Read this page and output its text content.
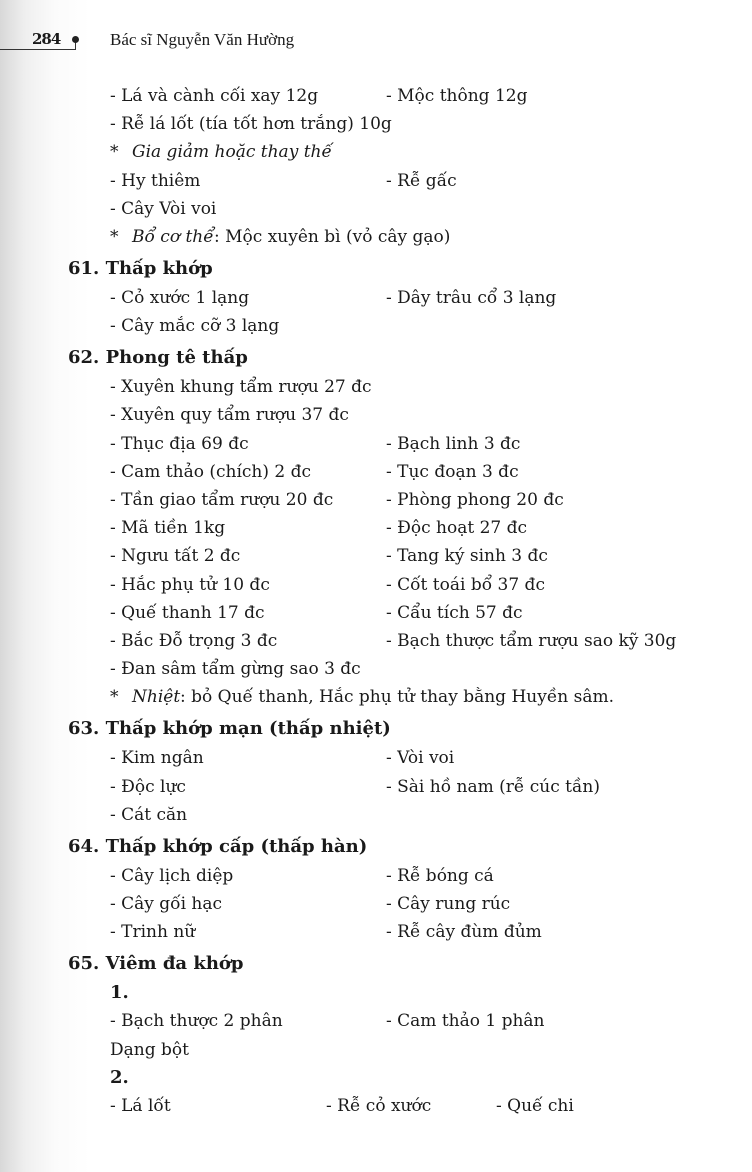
284	Bác sĩ Nguyễn Văn Hường
- Lá và cành cối xay 12g	- Mộc thông 12g
- Rễ lá lốt (tía tốt hơn trắng) 10g
* Gia giảm hoặc thay thế
- Hy thiêm	- Rễ gấc
- Cây Vòi voi
* Bổ cơ thể : Mộc xuyên bì (vỏ cây gạo)
61. Thấp khớp
- Cỏ xước 1 lạng	- Dây trâu cổ 3 lạng
- Cây mắc cỡ 3 lạng
62. Phong tê thấp
- Xuyên khung tẩm rượu 27 đc
- Xuyên quy tẩm rượu 37 đc
- Thục địa 69 đc	- Bạch linh 3 đc
- Cam thảo (chích) 2 đc	- Tục đoạn 3 đc
- Tần giao tẩm rượu 20 đc	- Phòng phong 20 đc
- Mã tiền 1kg	- Độc hoạt 27 đc
- Ngưu tất 2 đc	- Tang ký sinh 3 đc
- Hắc phụ tử 10 đc	- Cốt toái bổ 37 đc
- Quế thanh 17 đc	- Cẩu tích 57 đc
- Bắc Đỗ trọng 3 đc	- Bạch thược tẩm rượu sao kỹ 30g
- Đan sâm tẩm gừng sao 3 đc
* Nhiệt : bỏ Quế thanh, Hắc phụ tử thay bằng Huyền sâm.
63. Thấp khớp mạn (thấp nhiệt)
- Kim ngân	- Vòi voi
- Độc lực	- Sài hồ nam (rễ cúc tần)
- Cát căn
64. Thấp khớp cấp (thấp hàn)
- Cây lịch diệp	- Rễ bóng cá
- Cây gối hạc	- Cây rung rúc
- Trinh nữ	- Rễ cây đùm đủm
65. Viêm đa khớp
1.
- Bạch thược 2 phân	- Cam thảo 1 phân
Dạng bột
2.
- Lá lốt	- Rễ cỏ xước	- Quế chi
